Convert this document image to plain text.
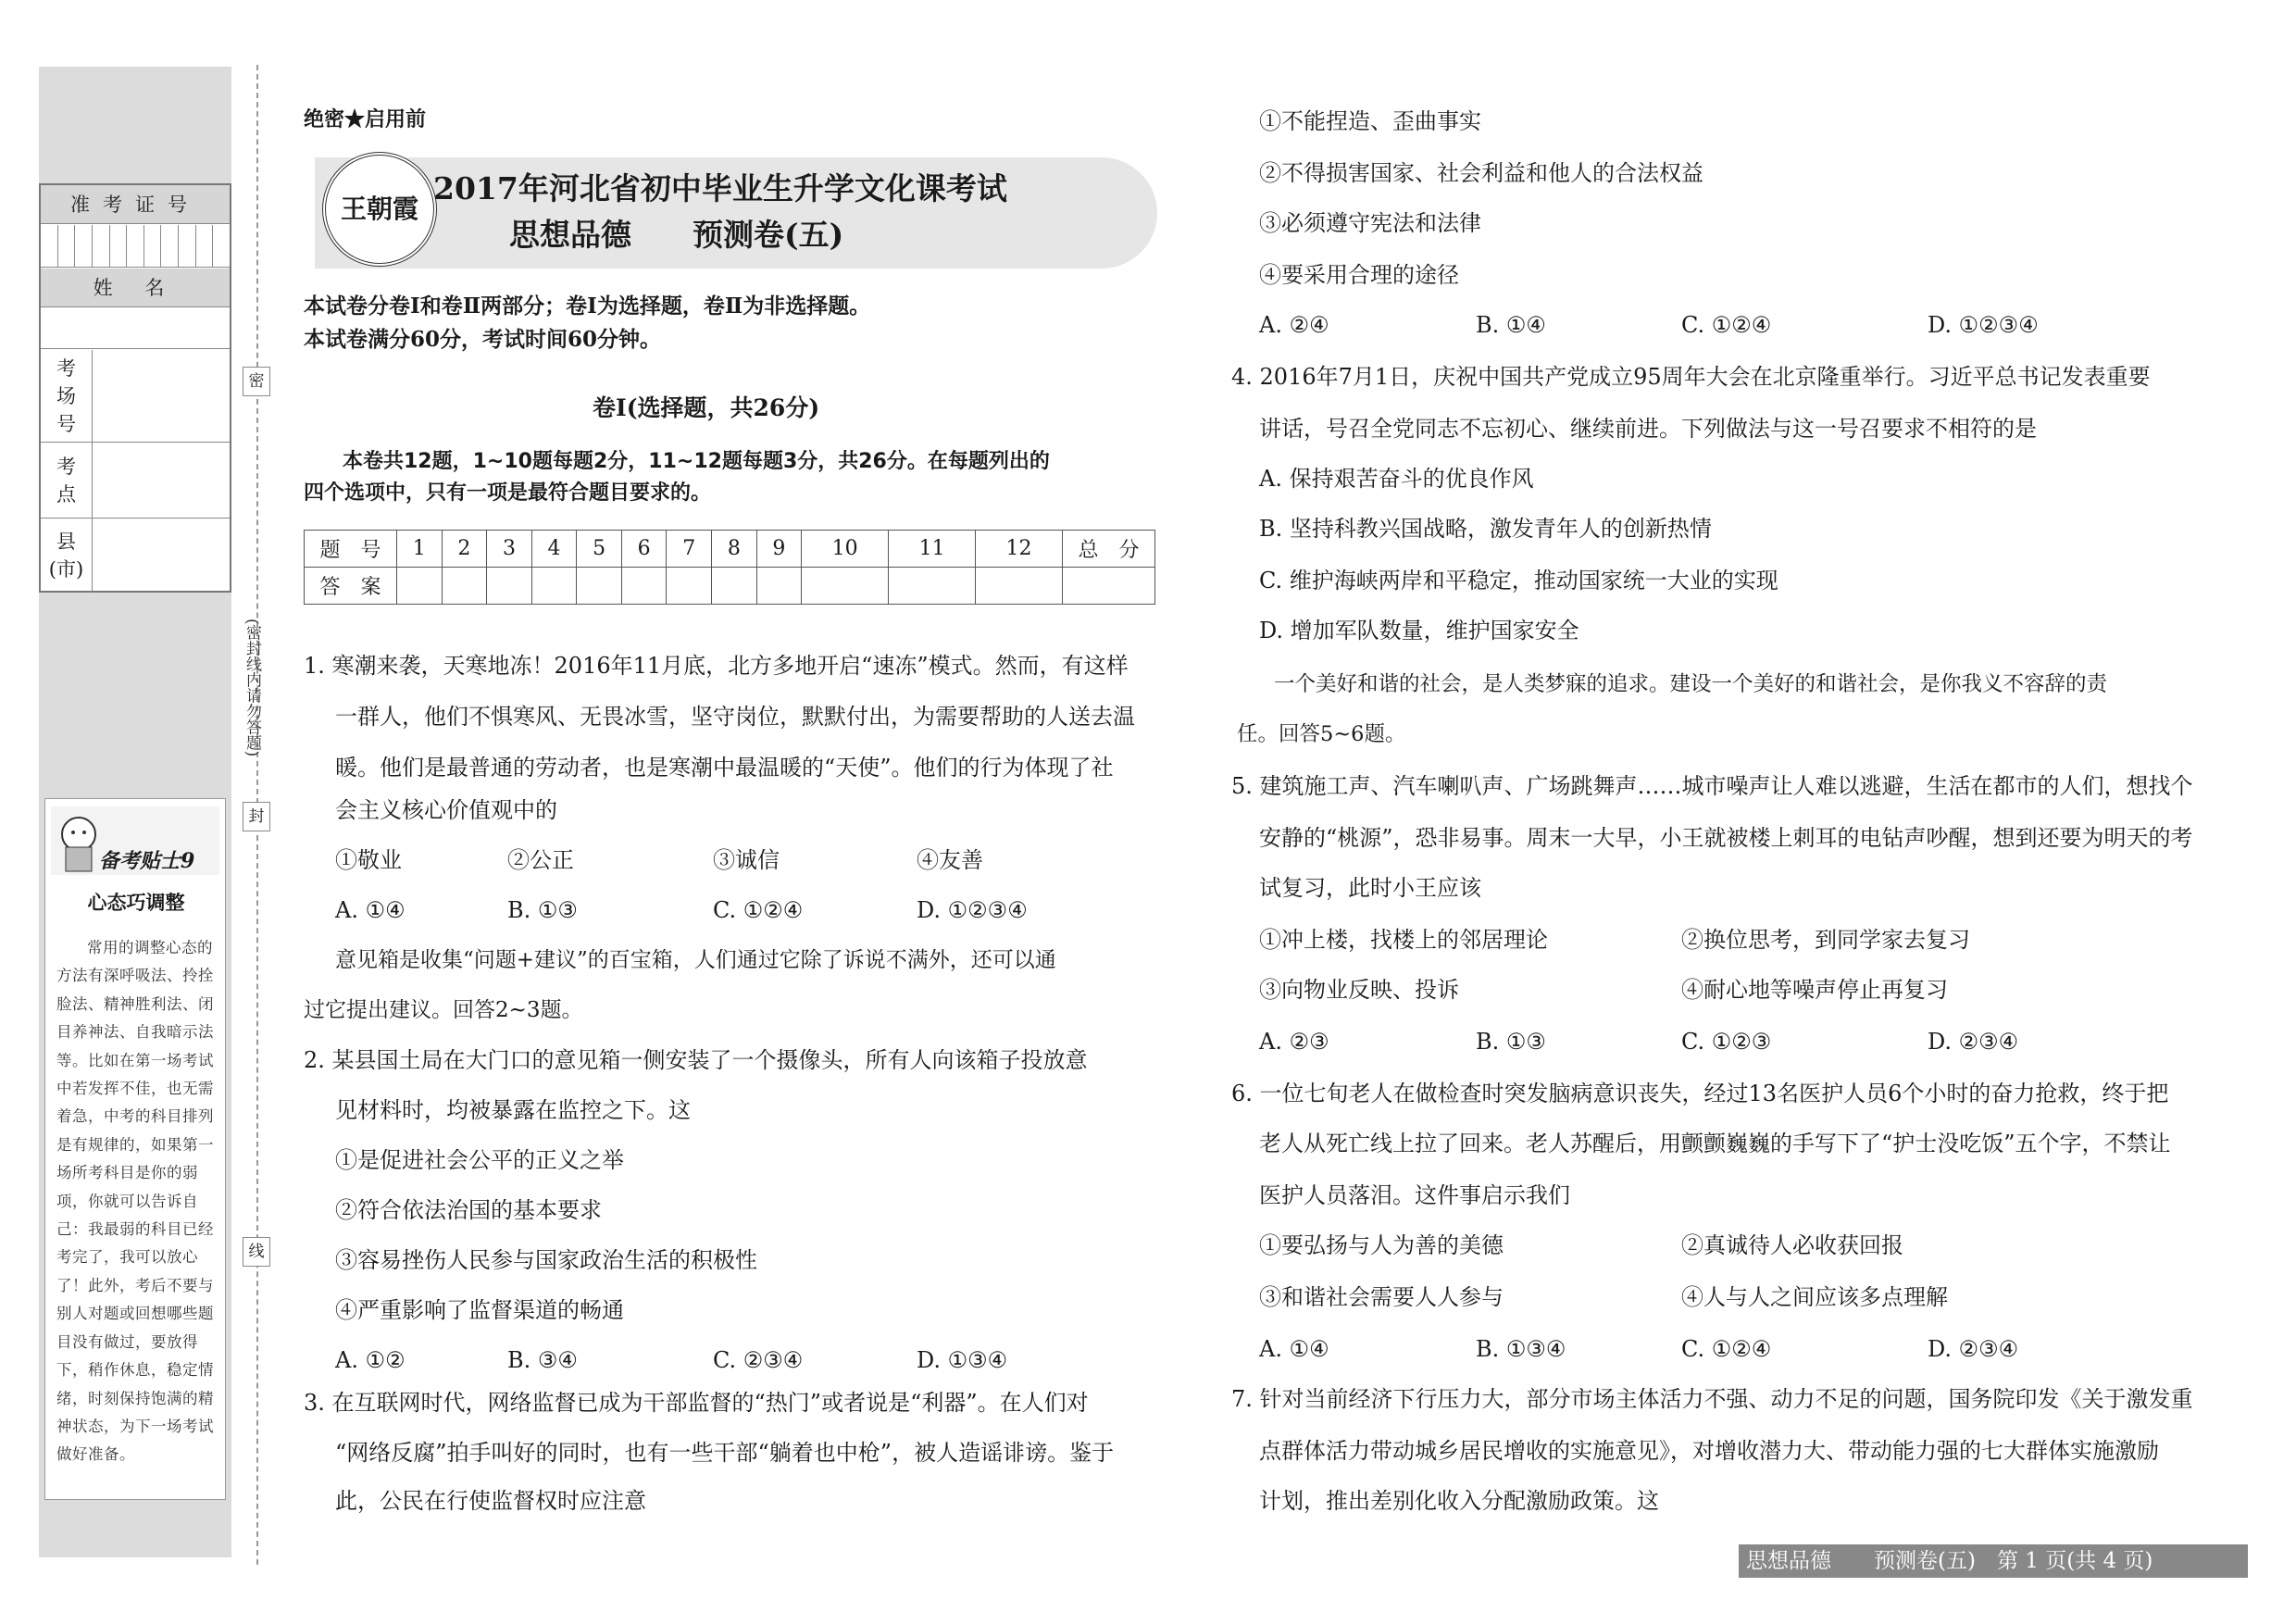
准考证号
姓 名
考
场
号
考
点
县
(市)
密
封
线
(密封线内请勿答题)
备考贴士9
心态巧调整
常用的调整心态的方法有深呼吸法、拎拴脸法、精神胜利法、闭目养神法、自我暗示法等。比如在第一场考试中若发挥不佳，也无需着急，中考的科目排列是有规律的，如果第一场所考科目是你的弱项，你就可以告诉自己：我最弱的科目已经考完了，我可以放心了！此外，考后不要与别人对题或回想哪些题目没有做过，要放得下，稍作休息，稳定情绪，时刻保持饱满的精神状态，为下一场考试做好准备。
绝密★启用前
王朝霞
2017年河北省初中毕业生升学文化课考试
思想品德　　预测卷(五)
本试卷分卷Ⅰ和卷Ⅱ两部分；卷Ⅰ为选择题，卷Ⅱ为非选择题。
本试卷满分60分，考试时间60分钟。
卷Ⅰ(选择题，共26分)
本卷共12题，1~10题每题2分，11~12题每题3分，共26分。在每题列出的
四个选项中，只有一项是最符合题目要求的。
题　号	1	2	3	4	5	6	7	8	9	10	11	12	总　分
答　案													
1. 寒潮来袭，天寒地冻！2016年11月底，北方多地开启“速冻”模式。然而，有这样
一群人，他们不惧寒风、无畏冰雪，坚守岗位，默默付出，为需要帮助的人送去温
暖。他们是最普通的劳动者，也是寒潮中最温暖的“天使”。他们的行为体现了社
会主义核心价值观中的
①敬业	②公正	③诚信	④友善
A. ①④	B. ①③	C. ①②④	D. ①②③④
意见箱是收集“问题+建议”的百宝箱，人们通过它除了诉说不满外，还可以通
过它提出建议。回答2~3题。
2. 某县国土局在大门口的意见箱一侧安装了一个摄像头，所有人向该箱子投放意
见材料时，均被暴露在监控之下。这
①是促进社会公平的正义之举
②符合依法治国的基本要求
③容易挫伤人民参与国家政治生活的积极性
④严重影响了监督渠道的畅通
A. ①②	B. ③④	C. ②③④	D. ①③④
3. 在互联网时代，网络监督已成为干部监督的“热门”或者说是“利器”。在人们对
“网络反腐”拍手叫好的同时，也有一些干部“躺着也中枪”，被人造谣诽谤。鉴于
此，公民在行使监督权时应注意
①不能捏造、歪曲事实
②不得损害国家、社会利益和他人的合法权益
③必须遵守宪法和法律
④要采用合理的途径
A. ②④	B. ①④	C. ①②④	D. ①②③④
4. 2016年7月1日，庆祝中国共产党成立95周年大会在北京隆重举行。习近平总书记发表重要
讲话，号召全党同志不忘初心、继续前进。下列做法与这一号召要求不相符的是
A. 保持艰苦奋斗的优良作风
B. 坚持科教兴国战略，激发青年人的创新热情
C. 维护海峡两岸和平稳定，推动国家统一大业的实现
D. 增加军队数量，维护国家安全
一个美好和谐的社会，是人类梦寐的追求。建设一个美好的和谐社会，是你我义不容辞的责
任。回答5~6题。
5. 建筑施工声、汽车喇叭声、广场跳舞声……城市噪声让人难以逃避，生活在都市的人们，想找个
安静的“桃源”，恐非易事。周末一大早，小王就被楼上刺耳的电钻声吵醒，想到还要为明天的考
试复习，此时小王应该
①冲上楼，找楼上的邻居理论	②换位思考，到同学家去复习
③向物业反映、投诉	④耐心地等噪声停止再复习
A. ②③	B. ①③	C. ①②③	D. ②③④
6. 一位七旬老人在做检查时突发脑病意识丧失，经过13名医护人员6个小时的奋力抢救，终于把
老人从死亡线上拉了回来。老人苏醒后，用颤颤巍巍的手写下了“护士没吃饭”五个字，不禁让
医护人员落泪。这件事启示我们
①要弘扬与人为善的美德	②真诚待人必收获回报
③和谐社会需要人人参与	④人与人之间应该多点理解
A. ①④	B. ①③④	C. ①②④	D. ②③④
7. 针对当前经济下行压力大，部分市场主体活力不强、动力不足的问题，国务院印发《关于激发重
点群体活力带动城乡居民增收的实施意见》，对增收潜力大、带动能力强的七大群体实施激励
计划，推出差别化收入分配激励政策。这
思想品德　　预测卷(五)　第 1 页(共 4 页)
